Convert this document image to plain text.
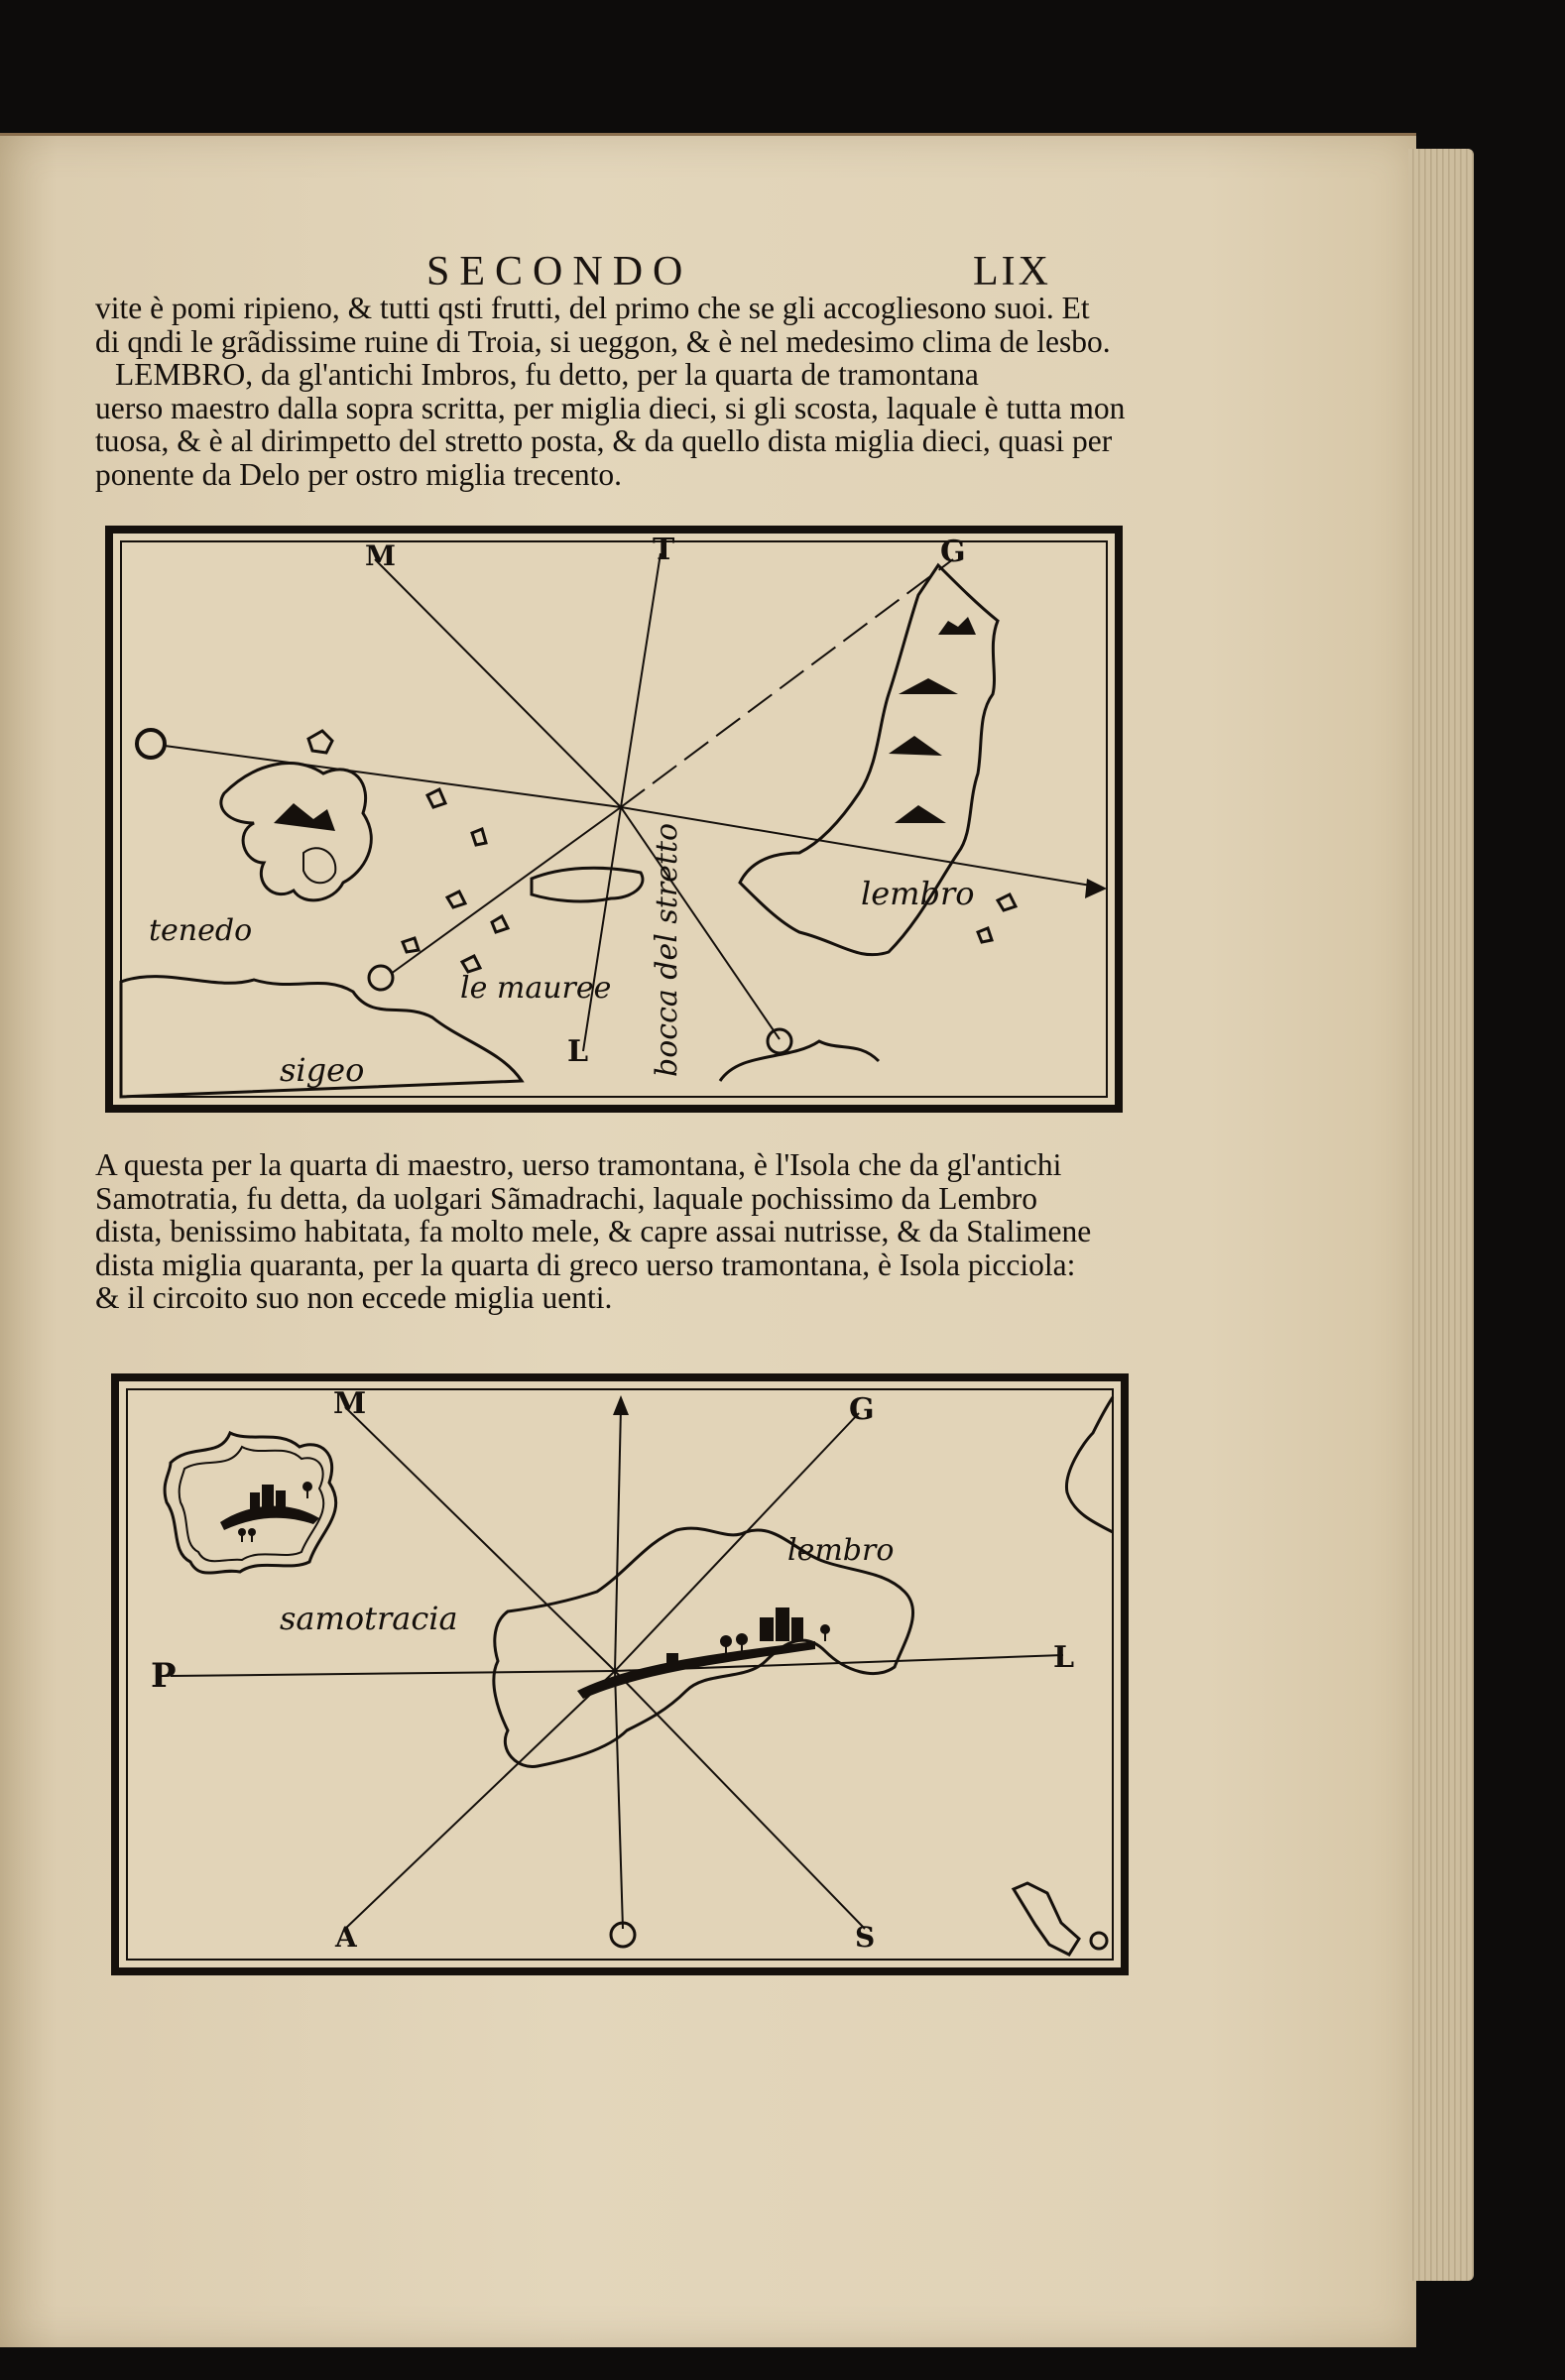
SECONDO	LIX

vite è pomi ripieno, & tutti qsti frutti, del primo che se gli accogliesono suoi. Et

di qndi le grãdissime ruine di Troia, si ueggon, & è nel medesimo clima de lesbo.

LEMBRO, da gl'antichi Imbros, fu detto, per la quarta de tramontana

uerso maestro dalla sopra scritta, per miglia dieci, si gli scosta, laquale è tutta mon

tuosa, & è al dirimpetto del stretto posta, & da quello dista miglia dieci, quasi per

ponente da Delo per ostro miglia trecento.

M	T	G
L
tenedo
sigeo
le mauree bocca del stretto	lembro

A questa per la quarta di maestro, uerso tramontana, è l'Isola che da gl'antichi

Samotratia, fu detta, da uolgari Sãmadrachi, laquale pochissimo da Lembro

dista, benissimo habitata, fa molto mele, & capre assai nutrisse, & da Stalimene

dista miglia quaranta, per la quarta di greco uerso tramontana, è Isola picciola:

& il circoito suo non eccede miglia uenti.

M	G
P	L
A	S
samotracia
lembro
